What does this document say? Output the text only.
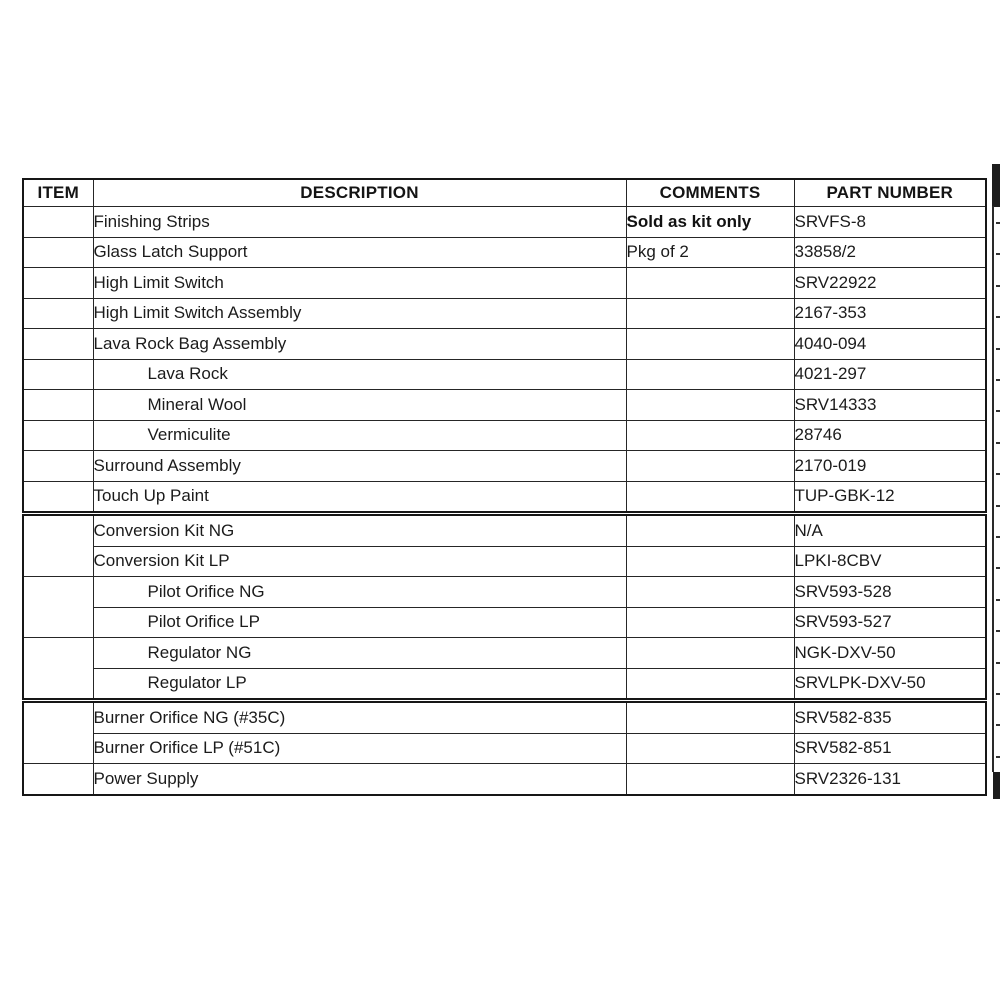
ITEM	DESCRIPTION	COMMENTS	PART NUMBER
	Finishing Strips	Sold as kit only	SRVFS-8
	Glass Latch Support	Pkg of 2	33858/2
	High Limit Switch		SRV22922
	High Limit Switch Assembly		2167-353
	Lava Rock Bag Assembly		4040-094
	Lava Rock		4021-297
	Mineral Wool		SRV14333
	Vermiculite		28746
	Surround Assembly		2170-019
	Touch Up Paint		TUP-GBK-12
	Conversion Kit NG		N/A
	Conversion Kit LP		LPKI-8CBV
	Pilot Orifice NG		SRV593-528
	Pilot Orifice LP		SRV593-527
	Regulator NG		NGK-DXV-50
	Regulator LP		SRVLPK-DXV-50
	Burner Orifice NG (#35C)		SRV582-835
	Burner Orifice LP (#51C)		SRV582-851
	Power Supply		SRV2326-131
